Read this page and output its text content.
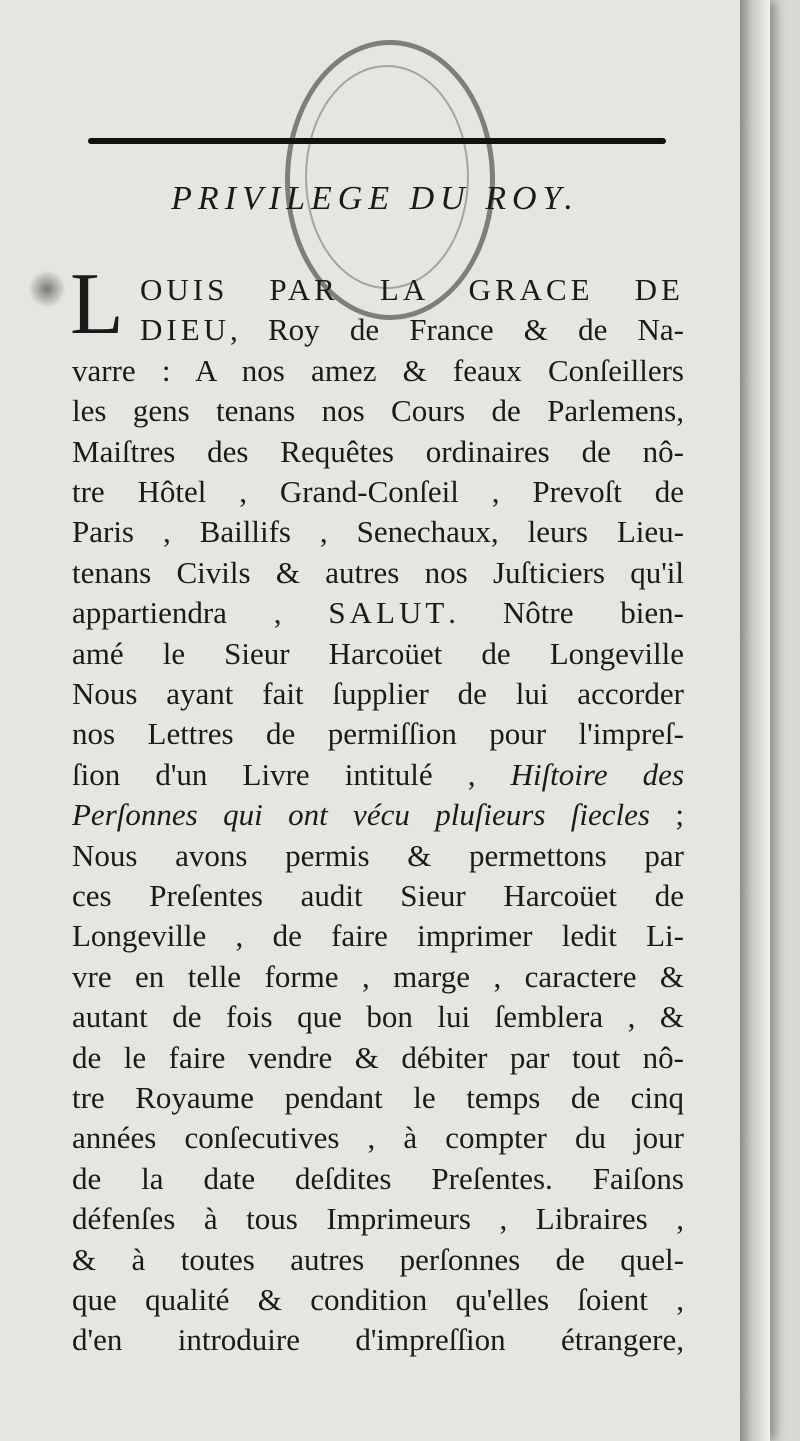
PRIVILEGE DU ROY.
L OUIS PAR LA GRACE DE
DIEU, Roy de France & de Na-
varre : A nos amez & feaux Conſeillers
les gens tenans nos Cours de Parlemens,
Maiſtres des Requêtes ordinaires de nô-
tre Hôtel , Grand-Conſeil , Prevoſt de
Paris , Baillifs , Senechaux, leurs Lieu-
tenans Civils & autres nos Juſticiers qu'il
appartiendra , SALUT. Nôtre bien-
amé le Sieur Harcoüet de Longeville
Nous ayant fait ſupplier de lui accorder
nos Lettres de permiſſion pour l'impreſ-
ſion d'un Livre intitulé , Hiſtoire des
Perſonnes qui ont vécu pluſieurs ſiecles ;
Nous avons permis & permettons par
ces Preſentes audit Sieur Harcoüet de
Longeville , de faire imprimer ledit Li-
vre en telle forme , marge , caractere &
autant de fois que bon lui ſemblera , &
de le faire vendre & débiter par tout nô-
tre Royaume pendant le temps de cinq
années conſecutives , à compter du jour
de la date deſdites Preſentes. Faiſons
défenſes à tous Imprimeurs , Libraires ,
& à toutes autres perſonnes de quel-
que qualité & condition qu'elles ſoient ,
d'en introduire d'impreſſion étrangere,
